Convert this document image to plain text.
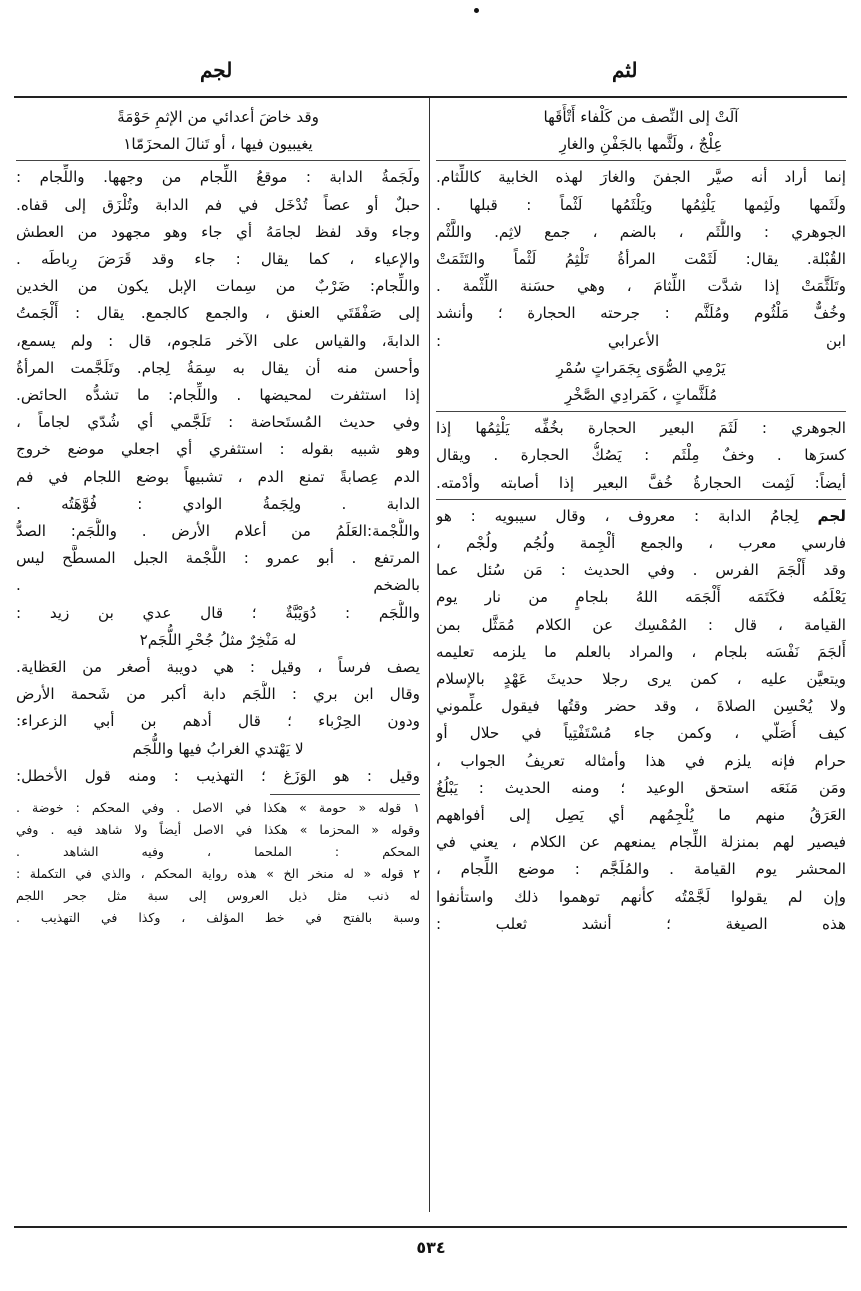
لجم	لثم
آلَتْ إلى النِّصف من كَلْفاء أَتْأَقَها
عِلْجٌ ، ولَثَّمها بالجَفْنِ والغارِ
إنما أراد أنه صيَّر الجفنَ والغارَ لهذه الخابية كاللِّثام.
ولَثَمها ولَثِمها يَلْثِمُها ويَلْثَمُها لَثْماً : قبلها .
الجوهري : واللُّثَم ، بالضم ، جمع لاثِم. واللَّثْم
القُبْلة. يقال: لَثَمْت المرأةُ تَلْثِمُ لَثْماً والتَثَمَتْ
وتَلَثَّمَتْ إذا شدَّت اللِّثامَ ، وهي حسَنة اللِّثْمة .
وخُفٌّ مَلْثُوم ومُلَثَّم : جرحته الحجارة ؛ وأنشد
ابن الأعرابي :
يَرْمِي الصُّوَى بِجَمَراتٍ سُمْرِ
مُلَثَّماتٍ ، كَمَرادِي الصَّخْرِ
الجوهري : لَثَمَ البعير الحجارة بخُفِّه يَلْثِمُها إذا
كسرَها . وخفٌ مِلْثَم : يَصُكُّ الحجارة . ويقال
أيضاً: لَثِمت الحجارةُ خُفَّ البعير إذا أصابته وأدْمته.
لجم لِجامُ الدابة : معروف ، وقال سيبويه : هو
فارسي معرب ، والجمع ألْجِمة ولُجُم ولُجْم ،
وقد أَلْجَمَ الفرس . وفي الحديث : مَن سُئل عما
يَعْلَمُه فكَتَمَه أَلْجَمَه اللهُ بلجامٍ من نار يوم
القيامة ، قال : المُمْسِك عن الكلام مُمَثَّل بمن
أَلجَمَ نَفْسَه بلجام ، والمراد بالعلم ما يلزمه تعليمه
ويتعيَّن عليه ، كمن يرى رجلا حديثَ عَهْدٍ بالإسلام
ولا يُحْسِن الصلاةَ ، وقد حضر وقتُها فيقول علِّموني
كيف أُصَلّي ، وكمن جاء مُسْتَفْتِياً في حلال أو
حرام فإنه يلزم في هذا وأمثاله تعريفُ الجواب ،
ومَن مَنَعَه استحق الوعيد ؛ ومنه الحديث : يَبْلُغُ
العَرَقُ منهم ما يُلْجِمُهم أي يَصِل إلى أفواههم
فيصير لهم بمنزلة اللِّجام يمنعهم عن الكلام ، يعني في
المحشر يوم القيامة . والمُلَجَّم : موضع اللِّجام ،
وإن لم يقولوا لَجَّمْتُه كأنهم توهموا ذلك واستأنفوا
هذه الصيغة ؛ أنشد ثعلب :
وقد خاضَ أعدائي من الإثمِ حَوْمَةً
يغيبيون فيها ، أو تَنالَ المحزَمّا١
ولَجَمةُ الدابة : موقعُ اللِّجام من وجهها. واللِّجام :
حبلٌ أو عصاً تُدْخَل في فم الدابة وتُلْزَق إلى قفاه.
وجاء وقد لفظ لجامَهُ أي جاء وهو مجهود من العطش
والإعياء ، كما يقال : جاء وقد قَرَضَ رِباطَه .
واللِّجام: ضَرْبٌ من سِمات الإبل يكون من الخدين
إلى صَفْقَتَي العنق ، والجمع كالجمع. يقال : أَلْجَمتُ
الدابةَ، والقياس على الآخر مَلجوم، قال : ولم يسمع،
وأحسن منه أن يقال به سِمَةُ لِجام. وتَلَجَّمت المرأةُ
إذا استثفرت لمحيضها . واللِّجام: ما تشدُّه الحائض.
وفي حديث المُستَحاضة : تَلَجَّمي أي شُدّي لجاماً ،
وهو شبيه بقوله : استثفري أي اجعلي موضع خروج
الدم عِصابةً تمنع الدم ، تشبيهاً بوضع اللجام في فم
الدابة . ولِجَمةُ الوادي : فُوَّهَتُه .
واللُّجْمة:العَلَمُ من أعلام الأرض . واللُّجَم: الصدُّ
المرتفع . أبو عمرو : اللُّجْمة الجبل المسطَّح ليس
بالضخم .
واللُّجَم : دُوَيْبَّةٌ ؛ قال عدي بن زيد :
له مَنْخِرٌ مثلُ جُحْرِ اللُّجَم٢
يصف فرساً ، وقيل : هي دويبة أصغر من العَظاية.
وقال ابن بري : اللُّجَم دابة أكبر من شَحمة الأرض
ودون الحِرْباء ؛ قال أدهم بن أبي الزعراء:
لا يَهْتدي الغرابُ فيها واللُّجَم
وقيل : هو الوَزَغ ؛ التهذيب : ومنه قول الأخطل:
١ قوله « حومة » هكذا في الاصل . وفي المحكم : خوضة .
وقوله « المحزما » هكذا في الاصل أيضاً ولا شاهد فيه . وفي
المحكم : الملحما ، وفيه الشاهد .
٢ قوله « له منخر الخ » هذه رواية المحكم ، والذي في التكملة :
له ذنب مثل ذيل العروس إلى سبة مثل جحر اللجم
وسبة بالفتح في خط المؤلف ، وكذا في التهذيب .
٥٣٤
